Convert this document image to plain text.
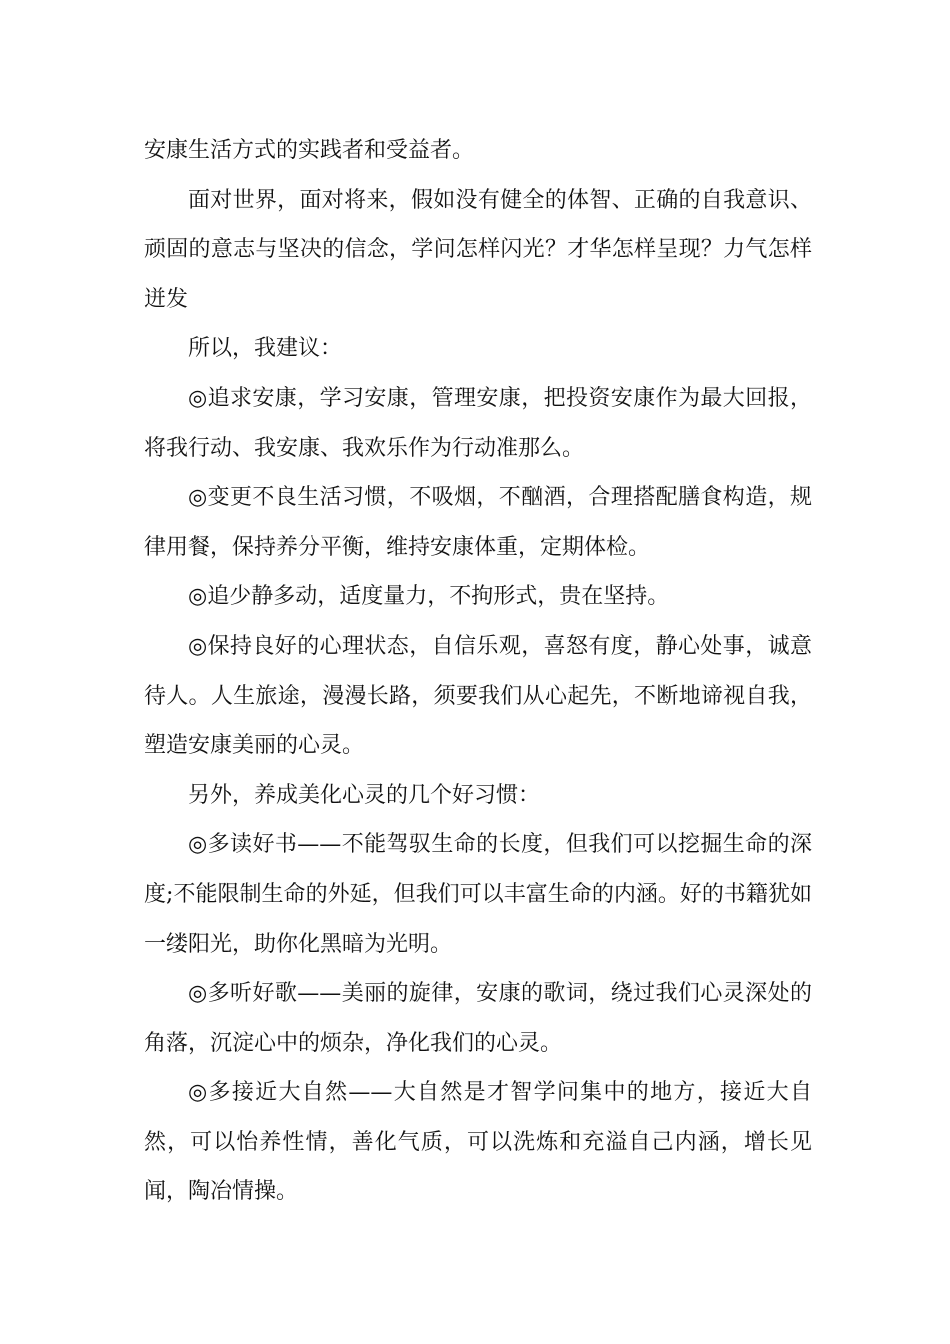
安康生活方式的实践者和受益者。

面对世界，面对将来，假如没有健全的体智、正确的自我意识、顽固的意志与坚决的信念，学问怎样闪光？才华怎样呈现？力气怎样迸发

所以，我建议：

◎追求安康，学习安康，管理安康，把投资安康作为最大回报，将我行动、我安康、我欢乐作为行动准那么。

◎变更不良生活习惯，不吸烟，不酗酒，合理搭配膳食构造，规律用餐，保持养分平衡，维持安康体重，定期体检。

◎追少静多动，适度量力，不拘形式，贵在坚持。

◎保持良好的心理状态，自信乐观，喜怒有度，静心处事，诚意待人。人生旅途，漫漫长路，须要我们从心起先，不断地谛视自我，塑造安康美丽的心灵。

另外，养成美化心灵的几个好习惯：

◎多读好书——不能驾驭生命的长度，但我们可以挖掘生命的深度;不能限制生命的外延，但我们可以丰富生命的内涵。好的书籍犹如一缕阳光，助你化黑暗为光明。

◎多听好歌——美丽的旋律，安康的歌词，绕过我们心灵深处的角落，沉淀心中的烦杂，净化我们的心灵。

◎多接近大自然——大自然是才智学问集中的地方，接近大自然，可以怡养性情，善化气质，可以洗炼和充溢自己内涵，增长见闻，陶冶情操。
